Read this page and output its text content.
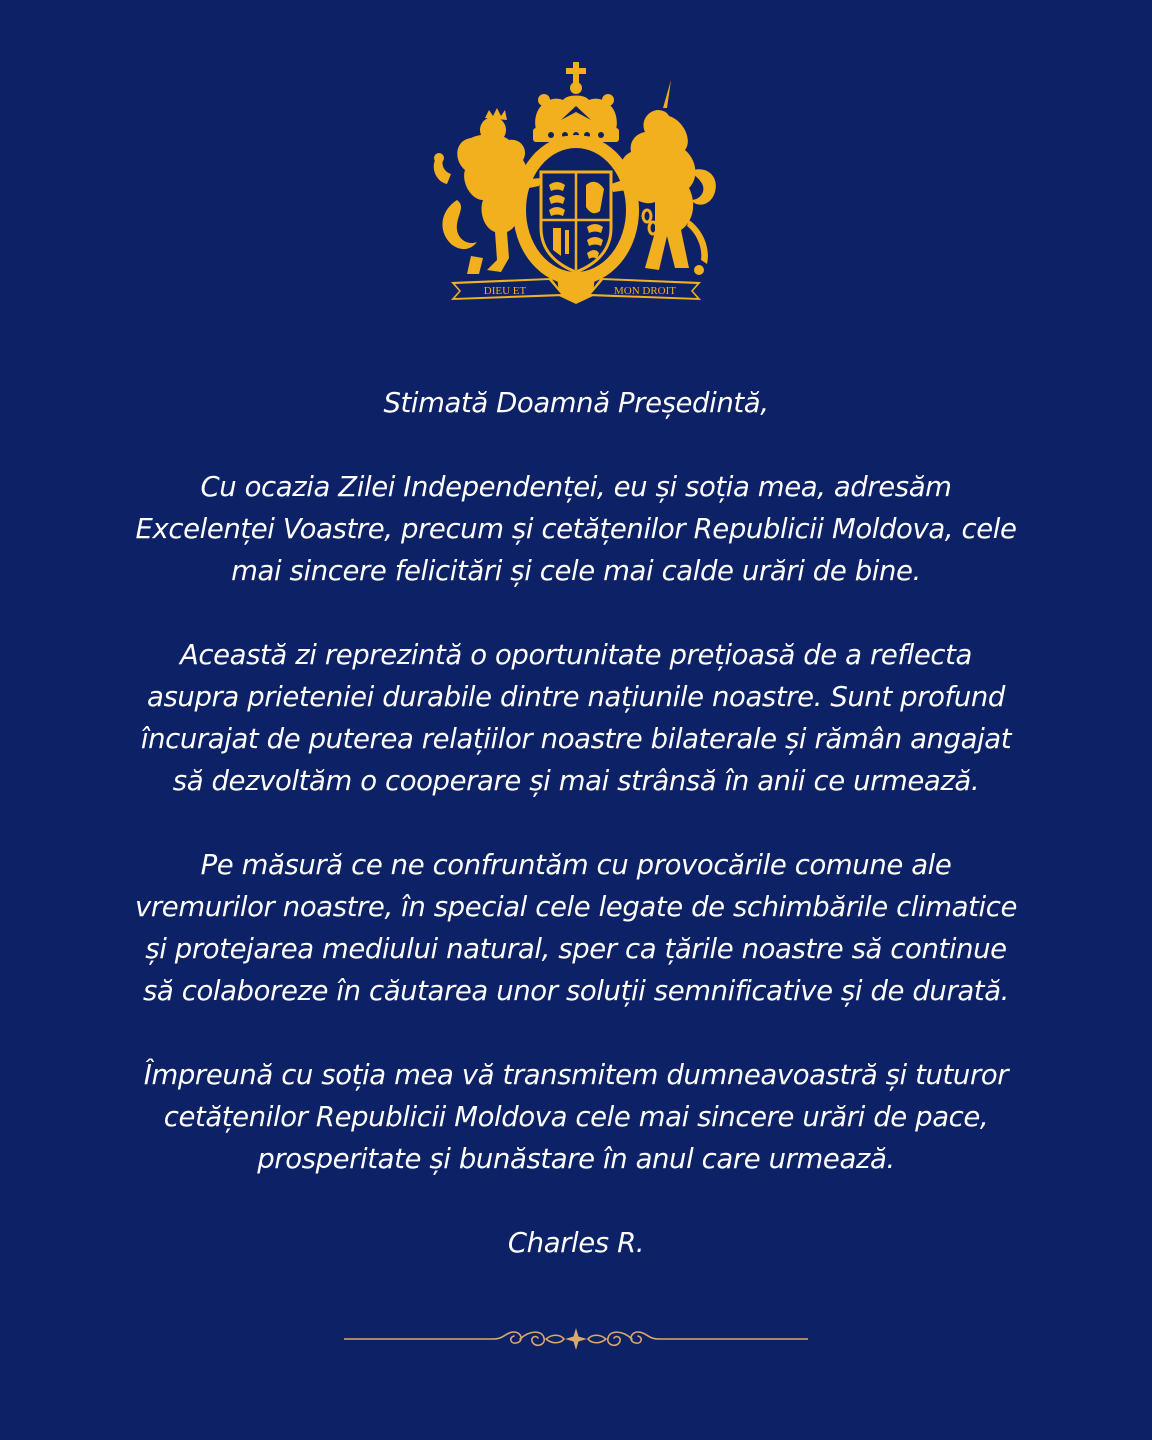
DIEU ET	MON DROIT

Stimată Doamnă Președintă,

Cu ocazia Zilei Independenței, eu și soția mea, adresăm
Excelenței Voastre, precum și cetățenilor Republicii Moldova, cele
mai sincere felicitări și cele mai calde urări de bine.

Această zi reprezintă o oportunitate prețioasă de a reflecta
asupra prieteniei durabile dintre națiunile noastre. Sunt profund
încurajat de puterea relațiilor noastre bilaterale și rămân angajat
să dezvoltăm o cooperare și mai strânsă în anii ce urmează.

Pe măsură ce ne confruntăm cu provocările comune ale
vremurilor noastre, în special cele legate de schimbările climatice
și protejarea mediului natural, sper ca țările noastre să continue
să colaboreze în căutarea unor soluții semnificative și de durată.

Împreună cu soția mea vă transmitem dumneavoastră și tuturor
cetățenilor Republicii Moldova cele mai sincere urări de pace,
prosperitate și bunăstare în anul care urmează.

Charles R.
